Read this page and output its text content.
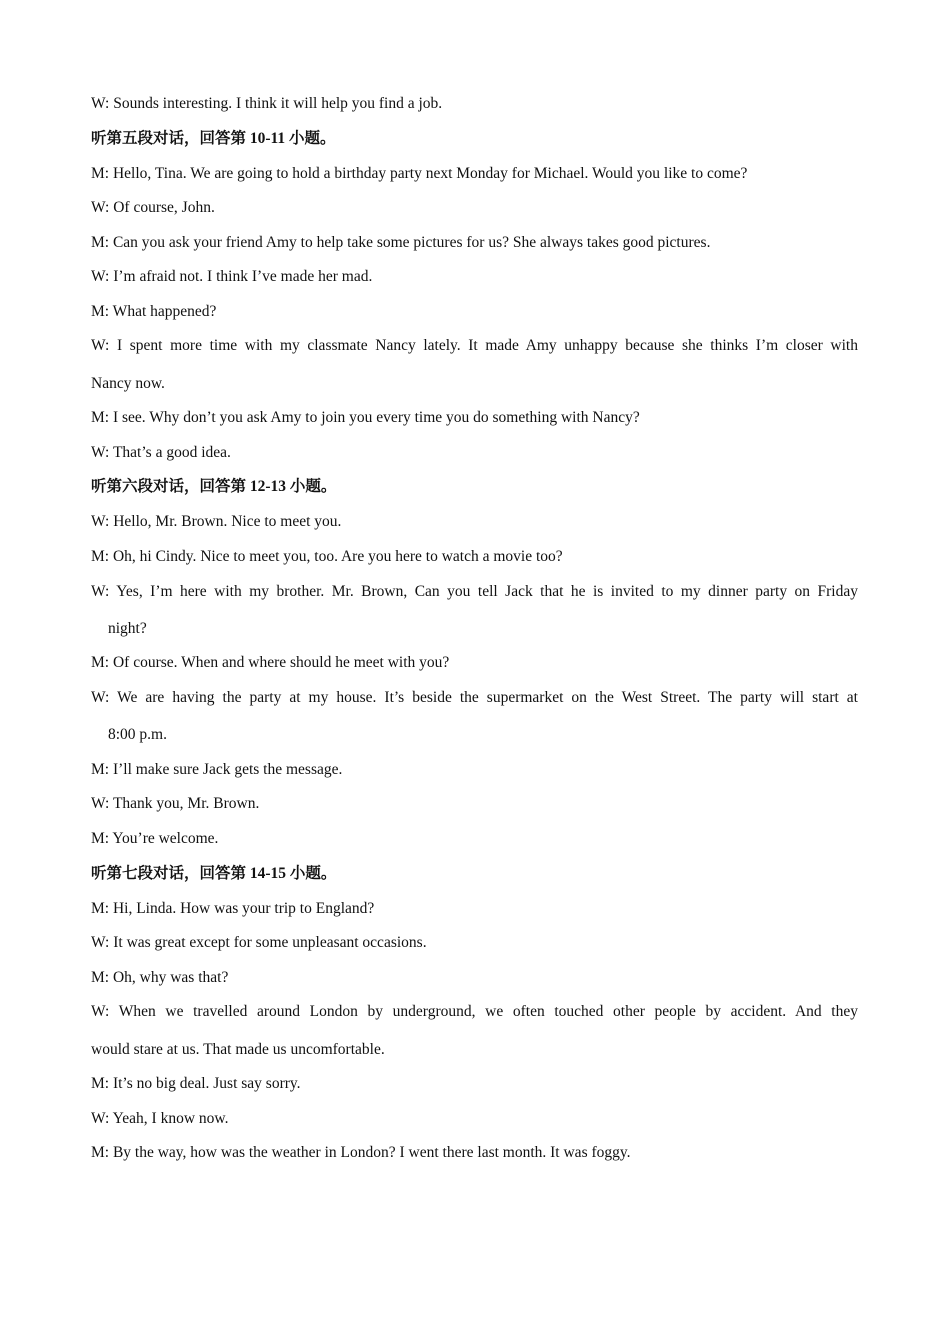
W: Sounds interesting. I think it will help you find a job.
听第五段对话，回答第 10-11 小题。
M: Hello, Tina. We are going to hold a birthday party next Monday for Michael. Would you like to come?
W: Of course, John.
M: Can you ask your friend Amy to help take some pictures for us? She always takes good pictures.
W: I’m afraid not. I think I’ve made her mad.
M: What happened?
W: I spent more time with my classmate Nancy lately. It made Amy unhappy because she thinks I’m closer with
Nancy now.
M: I see. Why don’t you ask Amy to join you every time you do something with Nancy?
W: That’s a good idea.
听第六段对话，回答第 12-13 小题。
W: Hello, Mr. Brown. Nice to meet you.
M: Oh, hi Cindy. Nice to meet you, too. Are you here to watch a movie too?
W: Yes, I’m here with my brother. Mr. Brown, Can you tell Jack that he is invited to my dinner party on Friday
night?
M: Of course. When and where should he meet with you?
W: We are having the party at my house. It’s beside the supermarket on the West Street. The party will start at
8:00 p.m.
M: I’ll make sure Jack gets the message.
W: Thank you, Mr. Brown.
M: You’re welcome.
听第七段对话，回答第 14-15 小题。
M: Hi, Linda. How was your trip to England?
W: It was great except for some unpleasant occasions.
M: Oh, why was that?
W: When we travelled around London by underground, we often touched other people by accident. And they
would stare at us. That made us uncomfortable.
M: It’s no big deal. Just say sorry.
W: Yeah, I know now.
M: By the way, how was the weather in London? I went there last month. It was foggy.
